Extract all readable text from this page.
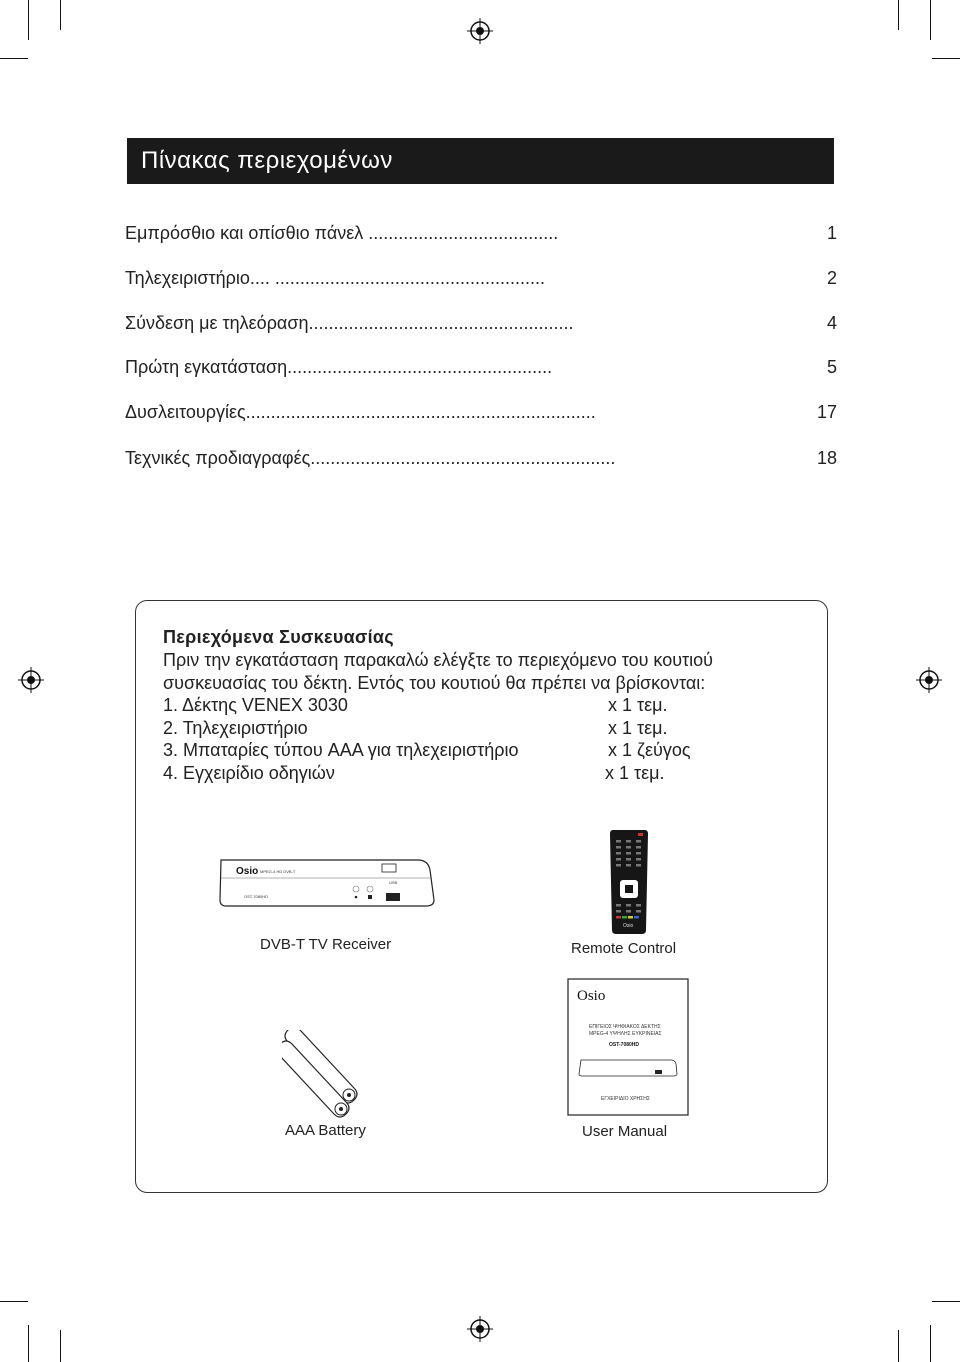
Πίνακας περιεχομένων
Εμπρόσθιο και οπίσθιο πάνελ ......................................	1
Τηλεχειριστήριο.... ......................................................	2
Σύνδεση με τηλεόραση.....................................................	4
Πρώτη εγκατάσταση.....................................................	5
Δυσλειτουργίες......................................................................	17
Τεχνικές προδιαγραφές.............................................................	18
Περιεχόμενα Συσκευασίας
Πριν την εγκατάσταση παρακαλώ ελέγξτε το περιεχόμενο του κουτιού
συσκευασίας του δέκτη. Εντός του κουτιού θα πρέπει να βρίσκονται:
1. Δέκτης VENEX 3030	x 1 τεμ.
2. Τηλεχειριστήριο	x 1 τεμ.
3. Μπαταρίες τύπου AAA για τηλεχειριστήριο	x 1 ζεύγος
4. Εγχειρίδιο οδηγιών	x 1 τεμ.
Osio MPEG-4 HD DVB-T
USB
OST-7080HD
DVB-T TV Receiver
Osio
Remote Control
AAA Battery
Osio
ΕΠΙΓΕΙΟΣ ΨΗΦΙΑΚΟΣ ΔΕΚΤΗΣ
MPEG-4 ΥΨΗΛΗΣ ΕΥΚΡΙΝΕΙΑΣ
OST-7080HD
ΕΓΧΕΙΡΙΔΙΟ ΧΡΗΣΗΣ
User Manual
